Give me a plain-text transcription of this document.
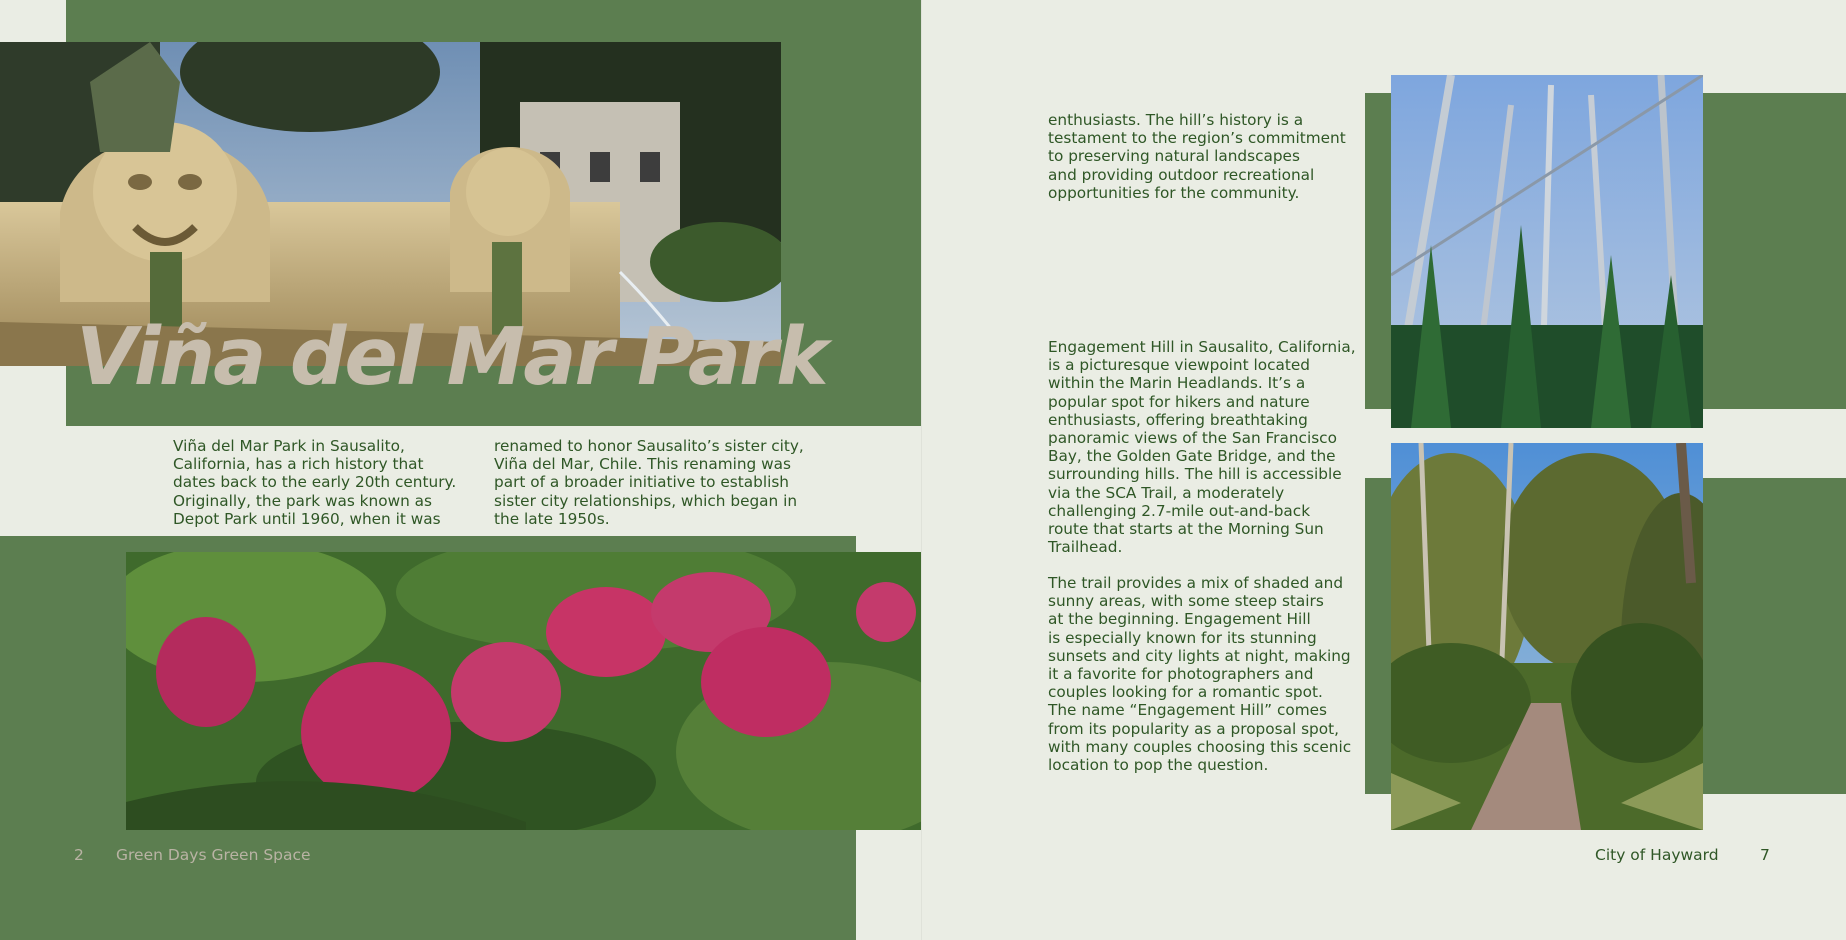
Viña del Mar Park

Viña del Mar Park in Sausalito,
California, has a rich history that
dates back to the early 20th century.
Originally, the park was known as
Depot Park until 1960, when it was

renamed to honor Sausalito’s sister city,
Viña del Mar, Chile. This renaming was
part of a broader initiative to establish
sister city relationships, which began in
the late 1950s.

2 Green Days Green Space

enthusiasts. The hill’s history is a
testament to the region’s commitment
to preserving natural landscapes
and providing outdoor recreational
opportunities for the community.

Engagement Hill in Sausalito, California,
is a picturesque viewpoint located
within the Marin Headlands. It’s a
popular spot for hikers and nature
enthusiasts, offering breathtaking
panoramic views of the San Francisco
Bay, the Golden Gate Bridge, and the
surrounding hills. The hill is accessible
via the SCA Trail, a moderately
challenging 2.7-mile out-and-back
route that starts at the Morning Sun
Trailhead.

The trail provides a mix of shaded and
sunny areas, with some steep stairs
at the beginning. Engagement Hill
is especially known for its stunning
sunsets and city lights at night, making
it a favorite for photographers and
couples looking for a romantic spot.
The name “Engagement Hill” comes
from its popularity as a proposal spot,
with many couples choosing this scenic
location to pop the question.

City of Hayward	7
